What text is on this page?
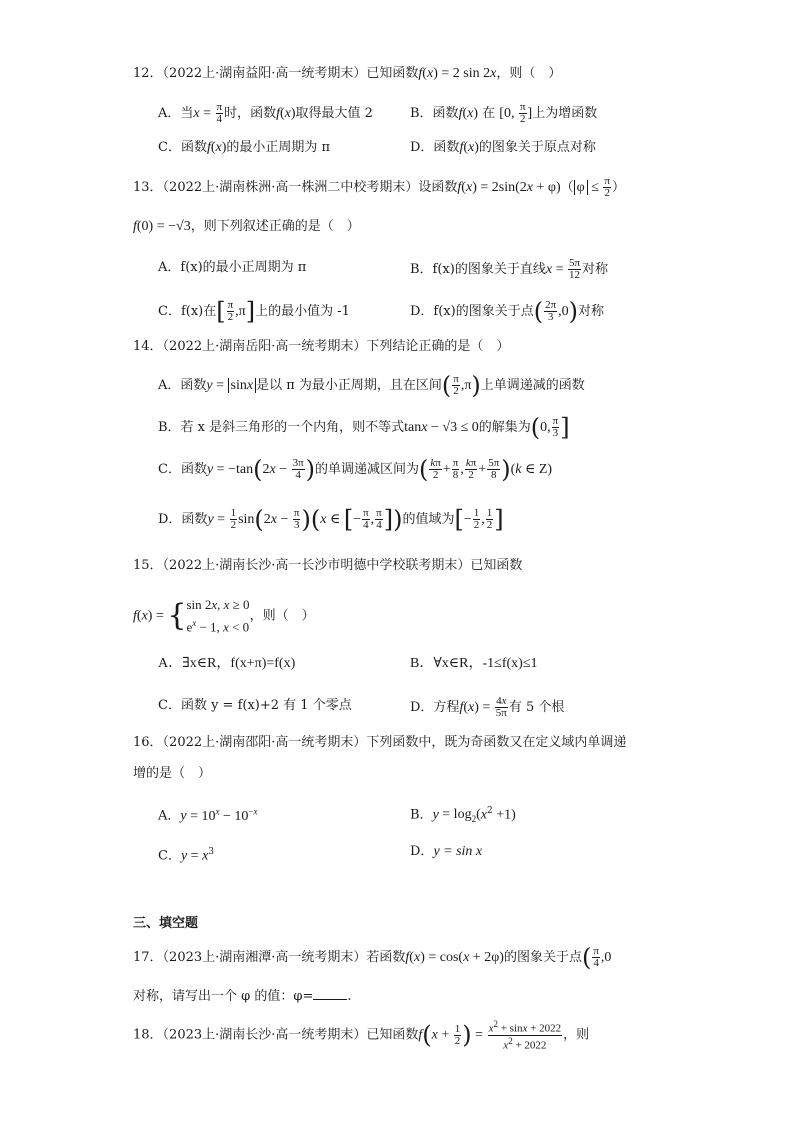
12．（2022上·湖南益阳·高一统考期末）已知函数f(x) = 2 sin 2x，则（　）
A．当$x = \frac{\pi}{4}$ 时，函数f(x)取得最大值 2	B．函数f(x) 在 [0, $\frac{\pi}{2}$ ]上为增函数
C．函数f(x)的最小正周期为 π	D．函数f(x)的图象关于原点对称
13．（2022上·湖南株洲·高一株洲二中校考期末）设函数f(x) = 2sin(2x + φ)（ $\varphi \le \frac{\pi}{2}$ ）
f(0) = −√3，则下列叙述正确的是（　）
A．f(x)的最小正周期为 π	B．f(x)的图象关于直线$x = \frac{5\pi}{12}$ 对称
C．f(x)在[ $\frac{\pi}{2} ,\pi$]上的最小值为 -1	D．f(x)的图象关于点( $\frac{2\pi}{3} ,0$)对称
14．（2022上·湖南岳阳·高一统考期末）下列结论正确的是（　）
A．函数y = sinx 是以 π 为最小正周期，且在区间( $\frac{\pi}{2} ,\pi$)上单调递减的函数
B．若 x 是斜三角形的一个内角，则不等式tanx − √3 ≤ 0的解集为(0, $\frac{\pi}{3}$ ]
C．函数$y = -\tan(2x - \frac{3\pi}{4}$ )的单调递减区间为( $\frac{k\pi}{2} + \frac{\pi}{8}$ , $\frac{k\pi}{2} + \frac{5\pi}{8} )(k$ ∈ Z)
D．函数$y = \frac{1}{2} \sin(2x - \frac{\pi}{3} )(x$ ∈ [− $\frac{\pi}{4}$ , $\frac{\pi}{4}$ ])的值域为[− $\frac{1}{2}$ , $\frac{1}{2}$ ]
15．（2022上·湖南长沙·高一长沙市明德中学校联考期末）已知函数
f(x) = { sin 2x, x ≥ 0
$e^x - 1$, x < 0
，则（　）
A．∃x∈R，f(x+π)=f(x)	B．∀x∈R，-1≤f(x)≤1
C．函数 y = f(x)+2 有 1 个零点	D．方程$f(x) = \frac{4x}{5\pi}$ 有 5 个根
16．（2022上·湖南邵阳·高一统考期末）下列函数中，既为奇函数又在定义域内单调递
增的是（　）
A．$y = 10^x - 10^{-x}$	B．$y = \log_2(x^2 +1)$
C．$y = x^3$	D．y = sin x
三、填空题
17．（2023上·湖南湘潭·高一统考期末）若函数f(x) = cos(x + 2φ)的图象关于点( $\frac{\pi}{4} ,0$
对称，请写出一个 φ 的值：φ=	.
18．（2023上·湖南长沙·高一统考期末）已知函数$f(x + \frac{1}{2}$ ) = $\frac{x^2 + \sin x + 2022}{x^2 + 2022}$ ，则
